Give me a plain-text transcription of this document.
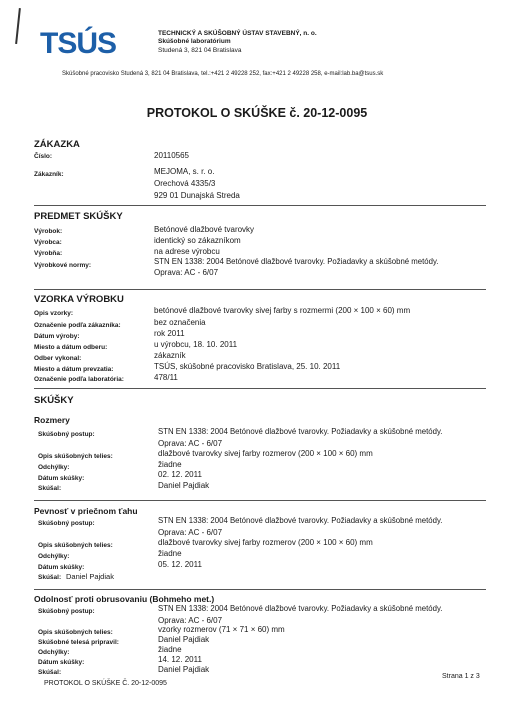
TSÚS	TECHNICKÝ A SKÚŠOBNÝ ÚSTAV STAVEBNÝ, n. o.
Skúšobné laboratórium
Studená 3, 821 04 Bratislava
Skúšobné pracovisko Studená 3, 821 04 Bratislava, tel.:+421 2 49228 252, fax:+421 2 49228 258, e-mail:lab.ba@tsus.sk
PROTOKOL O SKÚŠKE č. 20-12-0095
ZÁKAZKA
Číslo:	20110565
Zákazník:	MEJOMA, s. r. o.
Orechová 4335/3
929 01 Dunajská Streda
PREDMET SKÚŠKY
Výrobok:	Betónové dlažbové tvarovky
Výrobca:	identický so zákazníkom
Výrobňa:	na adrese výrobcu
Výrobkové normy:	STN EN 1338: 2004 Betónové dlažbové tvarovky. Požiadavky a skúšobné metódy.
Oprava: AC - 6/07
VZORKA VÝROBKU
Opis vzorky:	betónové dlažbové tvarovky sivej farby s rozmermi (200 × 100 × 60) mm
Označenie podľa zákazníka:	bez označenia
Dátum výroby:	rok 2011
Miesto a dátum odberu:	u výrobcu, 18. 10. 2011
Odber vykonal:	zákazník
Miesto a dátum prevzatia:	TSÚS, skúšobné pracovisko Bratislava, 25. 10. 2011
Označenie podľa laboratória:	478/11
SKÚŠKY
Rozmery
Skúšobný postup:	STN EN 1338: 2004 Betónové dlažbové tvarovky. Požiadavky a skúšobné metódy.
Oprava: AC - 6/07
Opis skúšobných telies:	dlažbové tvarovky sivej farby rozmerov (200 × 100 × 60) mm
Odchýlky:	žiadne
Dátum skúšky:	02. 12. 2011
Skúšal:	Daniel Pajdiak
Pevnosť v priečnom ťahu
Skúšobný postup:	STN EN 1338: 2004 Betónové dlažbové tvarovky. Požiadavky a skúšobné metódy.
Oprava: AC - 6/07
Opis skúšobných telies:	dlažbové tvarovky sivej farby rozmerov (200 × 100 × 60) mm
Odchýlky:	žiadne
Dátum skúšky:	05. 12. 2011
Skúšal: Daniel Pajdiak
Odolnosť proti obrusovaniu (Bohmeho met.)
Skúšobný postup:	STN EN 1338: 2004 Betónové dlažbové tvarovky. Požiadavky a skúšobné metódy.
Oprava: AC - 6/07
Opis skúšobných telies:	vzorky rozmerov (71 × 71 × 60) mm
Skúšobné telesá pripravil:	Daniel Pajdiak
Odchýlky:	žiadne
Dátum skúšky:	14. 12. 2011
Skúšal:	Daniel Pajdiak
PROTOKOL O SKÚŠKE Č. 20-12-0095
Strana 1 z 3
